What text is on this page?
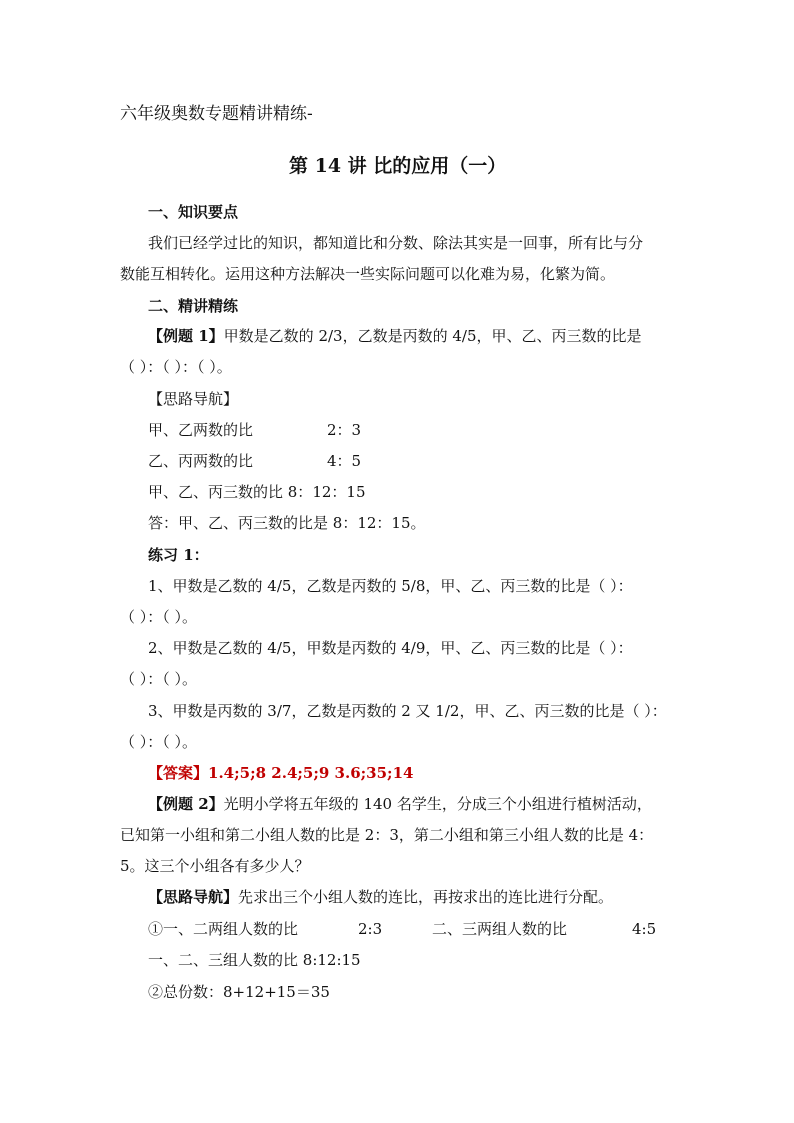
六年级奥数专题精讲精练-
第 14 讲 比的应用（一）
一、知识要点
我们已经学过比的知识，都知道比和分数、除法其实是一回事，所有比与分
数能互相转化。运用这种方法解决一些实际问题可以化难为易，化繁为简。
二、精讲精练
【例题 1】甲数是乙数的 2/3，乙数是丙数的 4/5，甲、乙、丙三数的比是
（ ）：（ ）：（ ）。
【思路导航】
甲、乙两数的比	2：3
乙、丙两数的比	4：5
甲、乙、丙三数的比 8：12：15
答：甲、乙、丙三数的比是 8：12：15。
练习 1：
1、甲数是乙数的 4/5，乙数是丙数的 5/8，甲、乙、丙三数的比是（ ）：
（ ）：（ ）。
2、甲数是乙数的 4/5，甲数是丙数的 4/9，甲、乙、丙三数的比是（ ）：
（ ）：（ ）。
3、甲数是丙数的 3/7，乙数是丙数的 2 又 1/2，甲、乙、丙三数的比是（ ）：
（ ）：（ ）。
【答案】1.4;5;8 2.4;5;9 3.6;35;14
【例题 2】光明小学将五年级的 140 名学生，分成三个小组进行植树活动，
已知第一小组和第二小组人数的比是 2：3，第二小组和第三小组人数的比是 4：
5。这三个小组各有多少人？
【思路导航】先求出三个小组人数的连比，再按求出的连比进行分配。
①一、二两组人数的比	2:3	二、三两组人数的比	4:5
一、二、三组人数的比 8:12:15
②总份数：8+12+15＝35
